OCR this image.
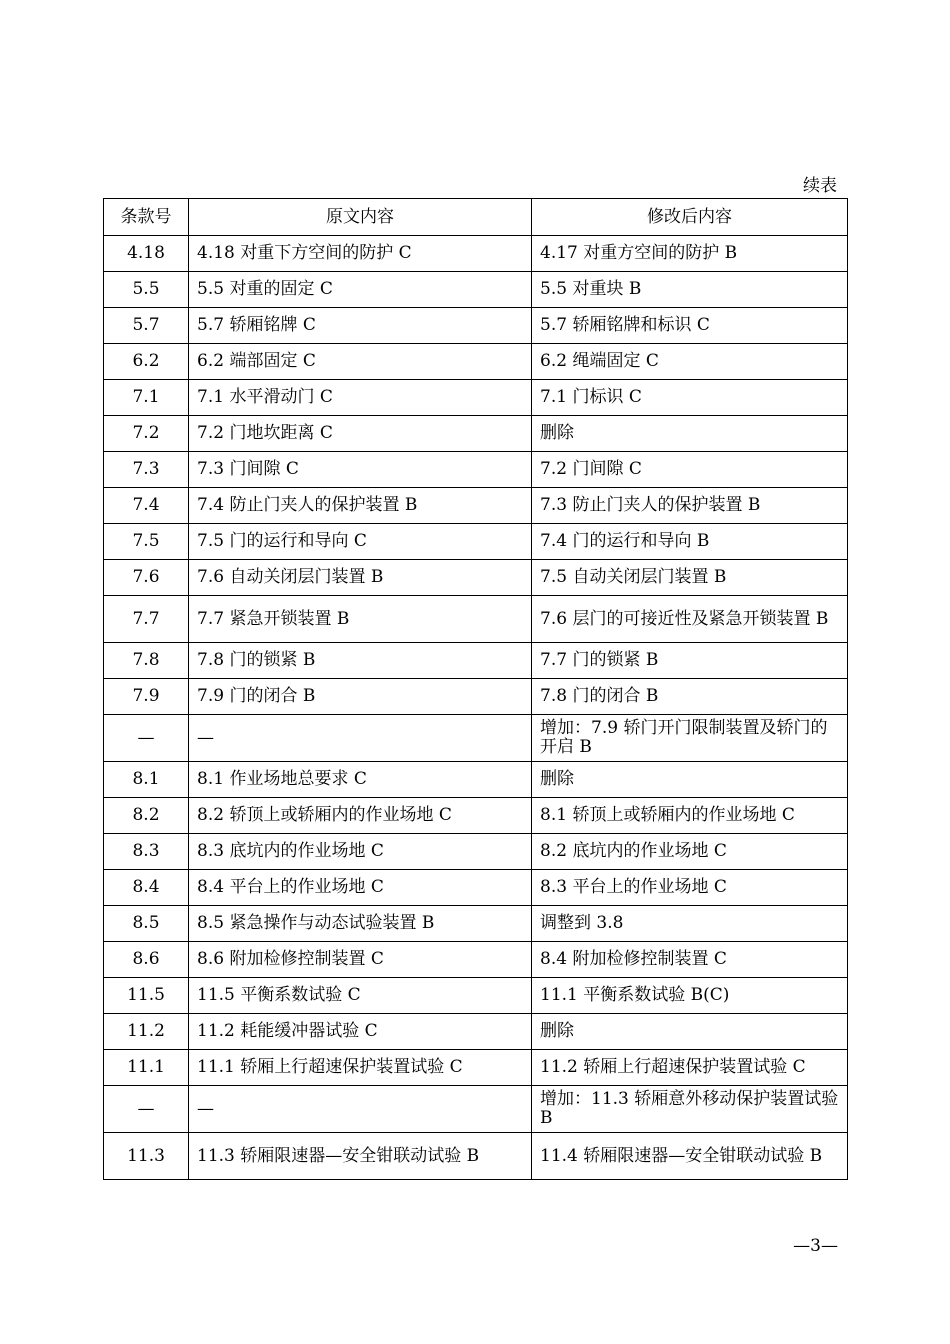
续表
条款号	原文内容	修改后内容
4.18	4.18 对重下方空间的防护 C	4.17 对重方空间的防护 B
5.5	5.5 对重的固定 C	5.5 对重块 B
5.7	5.7 轿厢铭牌 C	5.7 轿厢铭牌和标识 C
6.2	6.2 端部固定 C	6.2 绳端固定 C
7.1	7.1 水平滑动门 C	7.1 门标识 C
7.2	7.2 门地坎距离 C	删除
7.3	7.3 门间隙 C	7.2 门间隙 C
7.4	7.4 防止门夹人的保护装置 B	7.3 防止门夹人的保护装置 B
7.5	7.5 门的运行和导向 C	7.4 门的运行和导向 B
7.6	7.6 自动关闭层门装置 B	7.5 自动关闭层门装置 B
7.7	7.7 紧急开锁装置 B	7.6 层门的可接近性及紧急开锁装置 B
7.8	7.8 门的锁紧 B	7.7 门的锁紧 B
7.9	7.9 门的闭合 B	7.8 门的闭合 B
—	—	增加：7.9 轿门开门限制装置及轿门的开启 B
8.1	8.1 作业场地总要求 C	删除
8.2	8.2 轿顶上或轿厢内的作业场地 C	8.1 轿顶上或轿厢内的作业场地 C
8.3	8.3 底坑内的作业场地 C	8.2 底坑内的作业场地 C
8.4	8.4 平台上的作业场地 C	8.3 平台上的作业场地 C
8.5	8.5 紧急操作与动态试验装置 B	调整到 3.8
8.6	8.6 附加检修控制装置 C	8.4 附加检修控制装置 C
11.5	11.5 平衡系数试验 C	11.1 平衡系数试验 B(C)
11.2	11.2 耗能缓冲器试验 C	删除
11.1	11.1 轿厢上行超速保护装置试验 C	11.2 轿厢上行超速保护装置试验 C
—	—	增加：11.3 轿厢意外移动保护装置试验 B
11.3	11.3 轿厢限速器—安全钳联动试验 B	11.4 轿厢限速器—安全钳联动试验 B
—3—
